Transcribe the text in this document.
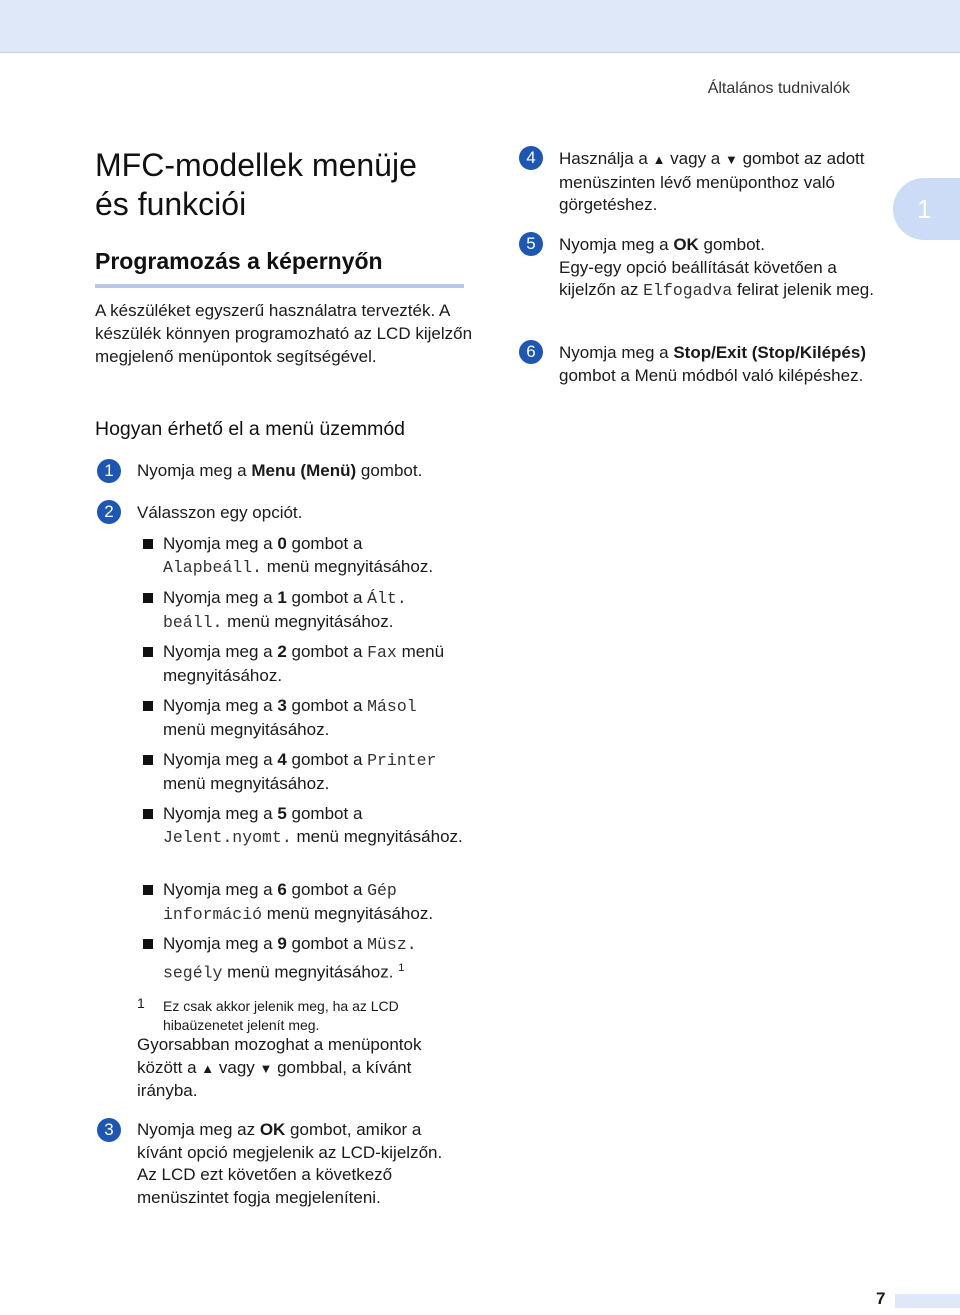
Általános tudnivalók
1
MFC-modellek menüje
és funkciói
Programozás a képernyőn
A készüléket egyszerű használatra tervezték. A készülék könnyen programozható az LCD kijelzőn megjelenő menüpontok segítségével.
Hogyan érhető el a menü üzemmód
1	Nyomja meg a Menu (Menü) gombot.
2	Válasszon egy opciót.
Nyomja meg a 0 gombot a
Alapbeáll. menü megnyitásához.
Nyomja meg a 1 gombot a Ált. beáll. menü megnyitásához.
Nyomja meg a 2 gombot a Fax menü megnyitásához.
Nyomja meg a 3 gombot a Másol
menü megnyitásához.
Nyomja meg a 4 gombot a Printer
menü megnyitásához.
Nyomja meg a 5 gombot a
Jelent.nyomt. menü megnyitásához.
Nyomja meg a 6 gombot a Gép információ menü megnyitásához.
Nyomja meg a 9 gombot a Müsz. segély menü megnyitásához. $^1$
1 Ez csak akkor jelenik meg, ha az LCD hibaüzenetet jelenít meg.
Gyorsabban mozoghat a menüpontok között a ▲ vagy ▼ gombbal, a kívánt irányba.
3	Nyomja meg az OK gombot, amikor a kívánt opció megjelenik az LCD-kijelzőn.
Az LCD ezt követően a következő menüszintet fogja megjeleníteni.
4	Használja a ▲ vagy a ▼ gombot az adott menüszinten lévő menüponthoz való görgetéshez.
5	Nyomja meg a OK gombot.
Egy-egy opció beállítását követően a kijelzőn az Elfogadva felirat jelenik meg.
6	Nyomja meg a Stop/Exit (Stop/Kilépés) gombot a Menü módból való kilépéshez.
7
